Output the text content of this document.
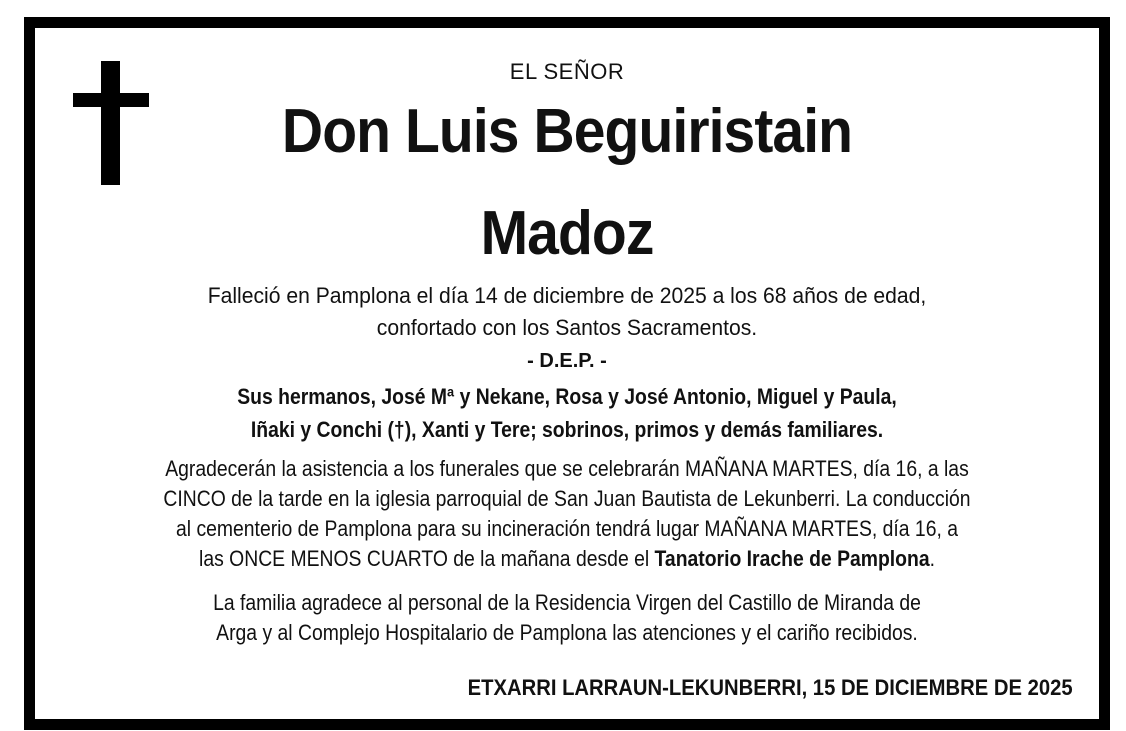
EL SEÑOR
Don Luis Beguiristain
Madoz
Falleció en Pamplona el día 14 de diciembre de 2025 a los 68 años de edad,
confortado con los Santos Sacramentos.
- D.E.P. -
Sus hermanos, José Mª y Nekane, Rosa y José Antonio, Miguel y Paula,
Iñaki y Conchi (†), Xanti y Tere; sobrinos, primos y demás familiares.
Agradecerán la asistencia a los funerales que se celebrarán MAÑANA MARTES, día 16, a las
CINCO de la tarde en la iglesia parroquial de San Juan Bautista de Lekunberri. La conducción
al cementerio de Pamplona para su incineración tendrá lugar MAÑANA MARTES, día 16, a
las ONCE MENOS CUARTO de la mañana desde el Tanatorio Irache de Pamplona.
La familia agradece al personal de la Residencia Virgen del Castillo de Miranda de
Arga y al Complejo Hospitalario de Pamplona las atenciones y el cariño recibidos.
ETXARRI LARRAUN-LEKUNBERRI, 15 DE DICIEMBRE DE 2025
